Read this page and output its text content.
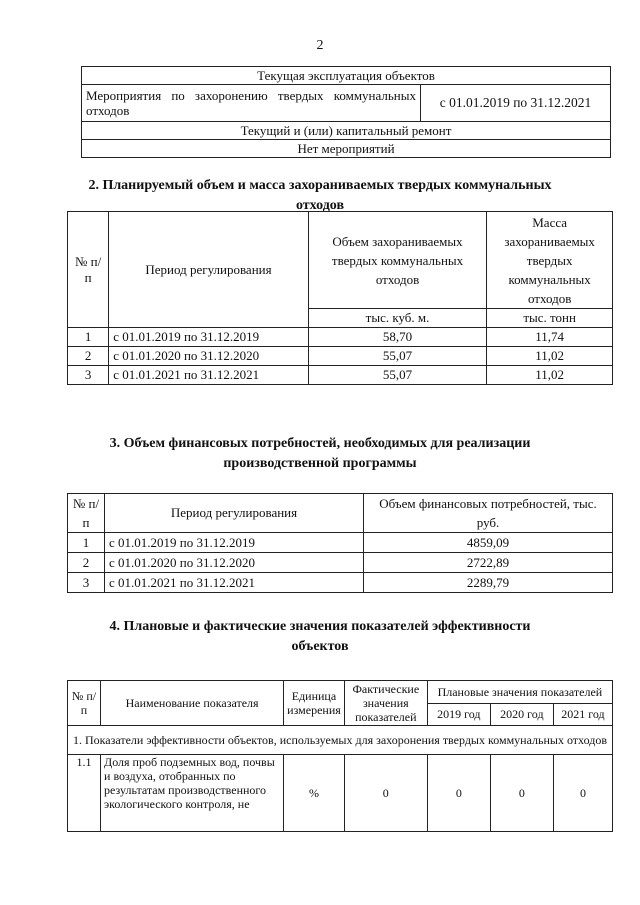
2
Текущая эксплуатация объектов
Мероприятия по захоронению твердых коммунальных отходов	с 01.01.2019 по 31.12.2021
Текущий и (или) капитальный ремонт
Нет мероприятий
2. Планируемый объем и масса захораниваемых твердых коммунальных
отходов
№ п/п	Период регулирования	Объем захораниваемых твердых коммунальных отходов	Масса захораниваемых твердых коммунальных отходов
		тыс. куб. м.	тыс. тонн
1	с 01.01.2019 по 31.12.2019	58,70	11,74
2	с 01.01.2020 по 31.12.2020	55,07	11,02
3	с 01.01.2021 по 31.12.2021	55,07	11,02
3. Объем финансовых потребностей, необходимых для реализации
производственной программы
№ п/п	Период регулирования	Объем финансовых потребностей, тыс. руб.
1	с 01.01.2019 по 31.12.2019	4859,09
2	с 01.01.2020 по 31.12.2020	2722,89
3	с 01.01.2021 по 31.12.2021	2289,79
4. Плановые и фактические значения показателей эффективности
объектов
№ п/п	Наименование показателя	Единица измерения	Фактические значения показателей	Плановые значения показателей		
				2019 год	2020 год	2021 год
1. Показатели эффективности объектов, используемых для захоронения твердых коммунальных отходов						
1.1	Доля проб подземных вод, почвы и воздуха, отобранных по результатам производственного экологического контроля, не	%	0	0	0	0
